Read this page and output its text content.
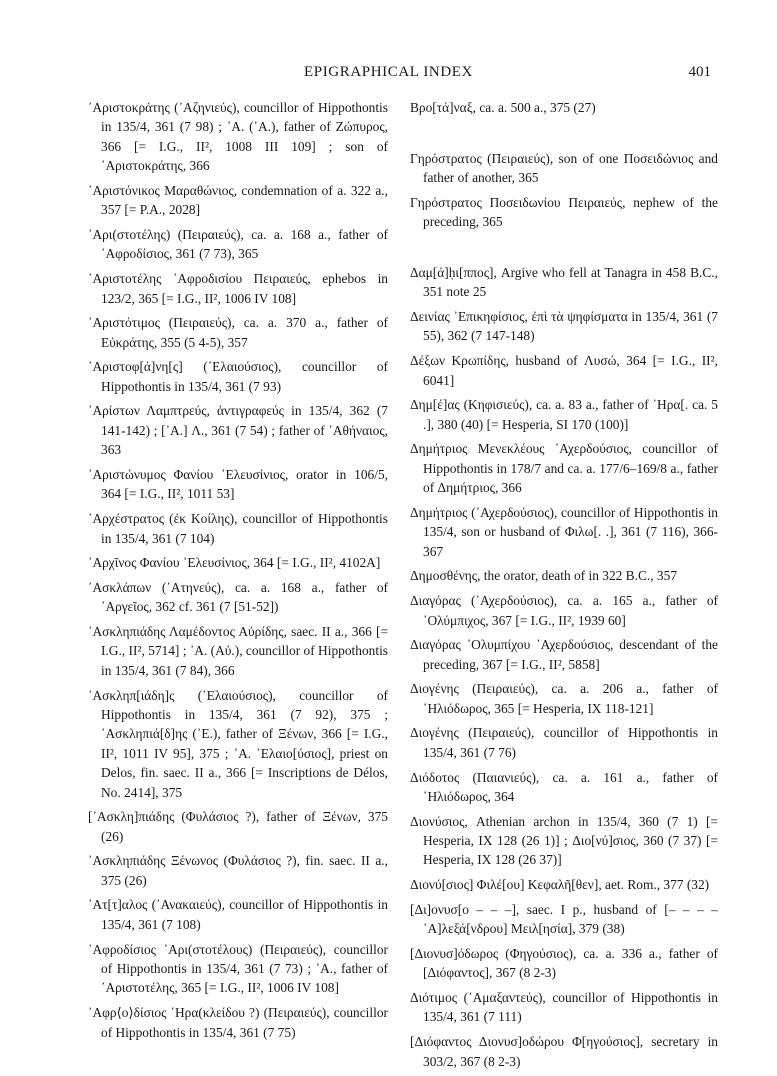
EPIGRAPHICAL INDEX	401

᾽Αριστοκράτης (᾽Αζηνιεύς), councillor of Hippothontis in 135/4, 361 (7 98) ; ᾽Α. (᾽Α.), father of Ζώπυρος, 366 [= I.G., II², 1008 III 109] ; son of ᾽Αριστοκράτης, 366

᾽Αριστόνικος Μαραθώνιος, condemnation of a. 322 a., 357 [= P.A., 2028]

᾽Αρι(στοτέλης) (Πειραιεύς), ca. a. 168 a., father of ᾽Αφροδίσιος, 361 (7 73), 365

᾽Αριστοτέλης ᾽Αφροδισίου Πειραιεύς, ephebos in 123/2, 365 [= I.G., II², 1006 IV 108]

᾽Αριστότιμος (Πειραιεύς), ca. a. 370 a., father of Εὐκράτης, 355 (5 4-5), 357

᾽Αριστοφ[ά]νη[ς] (᾽Ελαιούσιος), councillor of Hippothontis in 135/4, 361 (7 93)

᾽Αρίστων Λαμπτρεύς, ἀντιγραφεύς in 135/4, 362 (7 141-142) ; [᾽Α.] Λ., 361 (7 54) ; father of ᾽Αθήναιος, 363

᾽Αριστώνυμος Φανίου ᾽Ελευσίνιος, orator in 106/5, 364 [= I.G., II², 1011 53]

᾽Αρχέστρατος (ἐκ Κοίλης), councillor of Hippothontis in 135/4, 361 (7 104)

᾽Αρχῖνος Φανίου ᾽Ελευσίνιος, 364 [= I.G., II², 4102A]

᾽Ασκλάπων (᾽Ατηνεύς), ca. a. 168 a., father of ᾽Αργεῖος, 362 cf. 361 (7 [51-52])

᾽Ασκληπιάδης Λαμέδοντος Αὐρίδης, saec. II a., 366 [= I.G., II², 5714] ; ᾽Α. (Αὐ.), councillor of Hippothontis in 135/4, 361 (7 84), 366

᾽Ασκληπ[ιάδη]ς (᾽Ελαιούσιος), councillor of Hippothontis in 135/4, 361 (7 92), 375 ; ᾽Ασκληπιά[δ]ης (᾽Ε.), father of Ξένων, 366 [= I.G., II², 1011 IV 95], 375 ; ᾽Α. ᾽Ελαιο[ύσιος], priest on Delos, fin. saec. II a., 366 [= Inscriptions de Délos, No. 2414], 375

[᾽Ασκλη]πιάδης (Φυλάσιος ?), father of Ξένων, 375 (26)

᾽Ασκληπιάδης Ξένωνος (Φυλάσιος ?), fin. saec. II a., 375 (26)

᾽Ατ[τ]αλος (᾽Ανακαιεύς), councillor of Hippothontis in 135/4, 361 (7 108)

᾽Αφροδίσιος ᾽Αρι(στοτέλους) (Πειραιεύς), councillor of Hippothontis in 135/4, 361 (7 73) ; ᾽Α., father of ᾽Αριστοτέλης, 365 [= I.G., II², 1006 IV 108]

᾽Αφρ⟨ο⟩δίσιος ῾Ηρα(κλείδου ?) (Πειραιεύς), councillor of Hippothontis in 135/4, 361 (7 75)

Βρο[τά]ναξ, ca. a. 500 a., 375 (27)

Γηρόστρατος (Πειραιεύς), son of one Ποσειδώνιος and father of another, 365

Γηρόστρατος Ποσειδωνίου Πειραιεύς, nephew of the preceding, 365

Δαμ[ά]ḥι[ππος], Argive who fell at Tanagra in 458 B.C., 351 note 25

Δεινίας ᾽Επικηφίσιος, ἐπὶ τὰ ψηφίσματα in 135/4, 361 (7 55), 362 (7 147-148)

Δέξων Κρωπίδης, husband of Λυσώ, 364 [= I.G., II², 6041]

Δημ[έ]ας (Κηφισιεύς), ca. a. 83 a., father of ῾Ηρα[. ca. 5 .], 380 (40) [= Hesperia, SI 170 (100)]

Δημήτριος Μενεκλέους ᾽Αχερδούσιος, councillor of Hippothontis in 178/7 and ca. a. 177/6–169/8 a., father of Δημήτριος, 366

Δημήτριος (᾽Αχερδούσιος), councillor of Hippothontis in 135/4, son or husband of Φιλω[. .], 361 (7 116), 366-367

Δημοσθένης, the orator, death of in 322 B.C., 357

Διαγόρας (᾽Αχερδούσιος), ca. a. 165 a., father of ᾽Ολύμπιχος, 367 [= I.G., II², 1939 60]

Διαγόρας ᾽Ολυμπίχου ᾽Αχερδούσιος, descendant of the preceding, 367 [= I.G., II², 5858]

Διογένης (Πειραιεύς), ca. a. 206 a., father of ῾Ηλιόδωρος, 365 [= Hesperia, IX 118-121]

Διογένης (Πειραιεύς), councillor of Hippothontis in 135/4, 361 (7 76)

Διόδοτος (Παιανιεύς), ca. a. 161 a., father of ῾Ηλιόδωρος, 364

Διονύσιος, Athenian archon in 135/4, 360 (7 1) [= Hesperia, IX 128 (26 1)] ; Διο[νύ]σιος, 360 (7 37) [= Hesperia, IX 128 (26 37)]

Διονύ[σιος] Φιλέ[ου] Κεφαλῆ[θεν], aet. Rom., 377 (32)

[Δι]ονυσ[ο – – –], saec. I p., husband of [– – – – ᾽Α]λεξά[νδρου] Μειλ[ησία], 379 (38)

[Διονυσ]όδωρος (Φηγούσιος), ca. a. 336 a., father of [Διόφαντος], 367 (8 2-3)

Διότιμος (᾽Αμαξαντεύς), councillor of Hippothontis in 135/4, 361 (7 111)

[Διόφαντος Διονυσ]οδώρου Φ[ηγούσιος], secretary in 303/2, 367 (8 2-3)
